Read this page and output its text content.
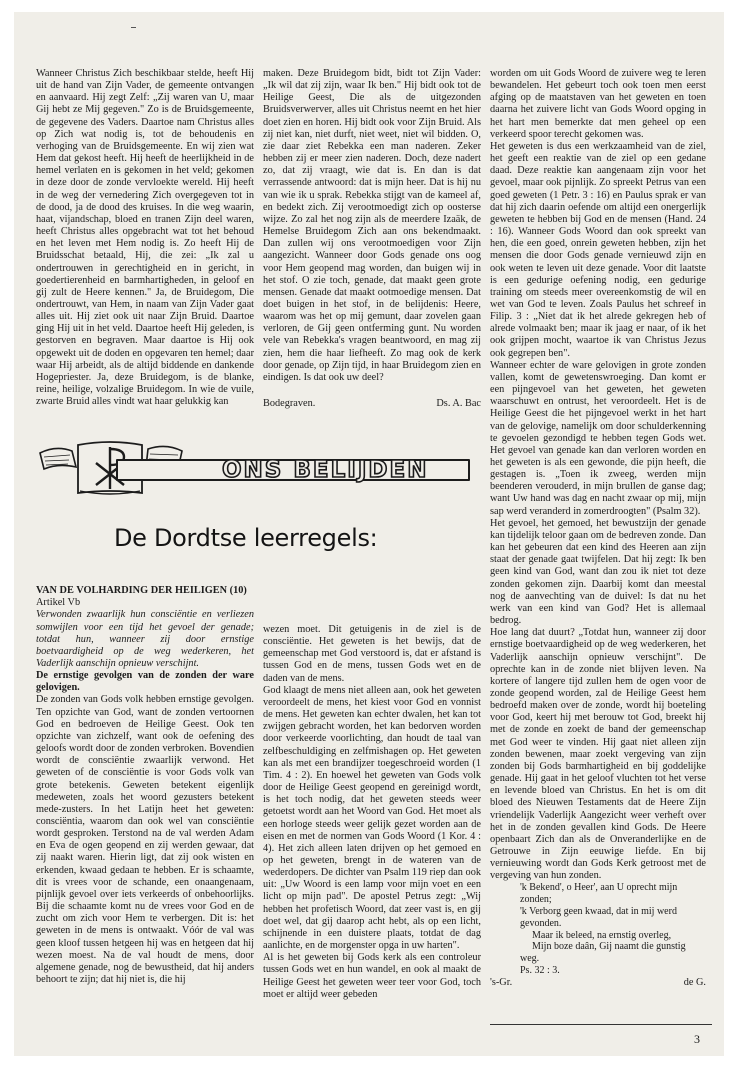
Wanneer Christus Zich beschikbaar stelde, heeft Hij uit de hand van Zijn Vader, de gemeente ontvangen en aanvaard. Hij zegt Zelf: „Zij waren van U, maar Gij hebt ze Mij gegeven." Zo is de Bruidsgemeente, de gegevene des Vaders. Daartoe nam Christus alles op Zich wat nodig is, tot de behoudenis en verhoging van de Bruidsgemeente. En wij zien wat Hem dat gekost heeft. Hij heeft de heerlijkheid in de hemel verlaten en is gekomen in het veld; gekomen in deze door de zonde vervloekte wereld. Hij heeft in de weg der vernedering Zich overgegeven tot in de dood, ja de dood des kruises. In die weg waarin, haat, vijandschap, bloed en tranen Zijn deel waren, heeft Christus alles opgebracht wat tot het behoud en het leven met Hem nodig is. Zo heeft Hij de Bruidsschat betaald, Hij, die zei: „Ik zal u ondertrouwen in gerechtigheid en in gericht, in goedertierenheid en barmhartigheden, in geloof en gij zult de Heere kennen." Ja, de Bruidegom, Die ondertrouwt, van Hem, in naam van Zijn Vader gaat alles uit. Hij ziet ook uit naar Zijn Bruid. Daartoe ging Hij uit in het veld. Daartoe heeft Hij geleden, is gestorven en begraven. Maar daartoe is Hij ook opgewekt uit de doden en opgevaren ten hemel; daar waar Hij arbeidt, als de altijd biddende en dankende Hogepriester. Ja, deze Bruidegom, is de blanke, reine, heilige, volzalige Bruidegom. In wie de vuile, zwarte Bruid alles vindt wat haar gelukkig kan

maken. Deze Bruidegom bidt, bidt tot Zijn Vader: „Ik wil dat zij zijn, waar Ik ben." Hij bidt ook tot de Heilige Geest, Die als de uitgezonden Bruidsverwerver, alles uit Christus neemt en het hier doet zien en horen. Hij bidt ook voor Zijn Bruid. Als zij niet kan, niet durft, niet weet, niet wil bidden. O, zie daar ziet Rebekka een man naderen. Zeker hebben zij er meer zien naderen. Doch, deze nadert zo, dat zij vraagt, wie dat is. En dan is dat verrassende antwoord: dat is mijn heer. Dat is hij nu van wie ik u sprak. Rebekka stijgt van de kameel af, en bedekt zich. Zij verootmoedigt zich op oosterse wijze. Zo zal het nog zijn als de meerdere Izaäk, de Hemelse Bruidegom Zich aan ons bekendmaakt. Dan zullen wij ons verootmoedigen voor Zijn aangezicht. Wanneer door Gods genade ons oog voor Hem geopend mag worden, dan buigen wij in het stof. O zie toch, genade, dat maakt geen grote mensen. Genade dat maakt ootmoedige mensen. Dat doet buigen in het stof, in de belijdenis: Heere, waarom was het op mij gemunt, daar zovelen gaan verloren, de Gij geen ontferming gunt. Nu worden vele van Rebekka's vragen beantwoord, en mag zij zien, hem die haar liefheeft. Zo mag ook de kerk door genade, op Zijn tijd, in haar Bruidegom zien en eindigen. Is dat ook uw deel?

Bodegraven.	Ds. A. Bac

worden om uit Gods Woord de zuivere weg te leren bewandelen. Het gebeurt toch ook toen men eerst afging op de maatstaven van het geweten en toen daarna het zuivere licht van Gods Woord opging in het hart men bemerkte dat men geheel op een verkeerd spoor terecht gekomen was.

Het geweten is dus een werkzaamheid van de ziel, het geeft een reaktie van de ziel op een gedane daad. Deze reaktie kan aangenaam zijn voor het gevoel, maar ook pijnlijk. Zo spreekt Petrus van een goed geweten (1 Petr. 3 : 16) en Paulus sprak er van dat hij zich daarin oefende om altijd een onergerlijk geweten te hebben bij God en de mensen (Hand. 24 : 16). Wanneer Gods Woord dan ook spreekt van hen, die een goed, onrein geweten hebben, zijn het mensen die door Gods genade vernieuwd zijn en ook weten te leven uit deze genade. Voor dit laatste is een gedurige oefening nodig, een gedurige training om steeds meer overeenkomstig de wil en wet van God te leven. Zoals Paulus het schreef in Filip. 3 : „Niet dat ik het alrede gekregen heb of alrede volmaakt ben; maar ik jaag er naar, of ik het ook grijpen mocht, waartoe ik van Christus Jezus ook gegrepen ben".

Wanneer echter de ware gelovigen in grote zonden vallen, komt de gewetenswroeging. Dan komt er een pijngevoel van het geweten, het geweten waarschuwt en ontrust, het veroordeelt. Het is de Heilige Geest die het pijngevoel werkt in het hart van de gelovige, namelijk om door schulderkenning te gevoelen gezondigd te hebben tegen Gods wet. Het gevoel van genade kan dan verloren worden en het geweten is als een gewonde, die pijn heeft, die gestagen is. „Toen ik zweeg, werden mijn beenderen verouderd, in mijn brullen de ganse dag; want Uw hand was dag en nacht zwaar op mij, mijn sap werd veranderd in zomerdroogten" (Psalm 32).

Het gevoel, het gemoed, het bewustzijn der genade kan tijdelijk teloor gaan om de bedreven zonde. Dan kan het gebeuren dat een kind des Heeren aan zijn staat der genade gaat twijfelen. Dat hij zegt: Ik ben geen kind van God, want dan zou ik niet tot deze zonden gekomen zijn. Daarbij komt dan meestal nog de aanvechting van de duivel: Is dat nu het werk van een kind van God? Het is allemaal bedrog.

Hoe lang dat duurt? „Totdat hun, wanneer zij door ernstige boetvaardigheid op de weg wederkeren, het Vaderlijk aanschijn opnieuw verschijnt". De oprechte kan in de zonde niet blijven leven. Na kortere of langere tijd zullen hem de ogen voor de zonde geopend worden, zal de Heilige Geest hem bedroefd maken over de zonde, wordt hij boeteling voor God, keert hij met berouw tot God, breekt hij met de zonde en zoekt de band der gemeenschap met God weer te vinden. Hij gaat niet alleen zijn zonden bewenen, maar zoekt vergeving van zijn zonden bij Gods barmhartigheid en bij goddelijke genade. Hij gaat in het geloof vluchten tot het verse en levende bloed van Christus. En het is om dit bloed des Nieuwen Testaments dat de Heere Zijn vriendelijk Vaderlijk Aangezicht weer verheft over het in de zonden gevallen kind Gods. De Heere openbaart Zich dan als de Onveranderlijke en de Getrouwe in Zijn eeuwige liefde. En bij vernieuwing wordt dan Gods Kerk getroost met de vergeving van hun zonden.

'k Bekend', o Heer', aan U oprecht mijn

zonden;

'k Verborg geen kwaad, dat in mij werd

gevonden.

Maar ik beleed, na ernstig overleg,

Mijn boze daân, Gij naamt die gunstig

weg.

Ps. 32 : 3.

's-Gr.	de G.
ONS BELIJDEN
De Dordtse leerregels:

VAN DE VOLHARDING DER HEILIGEN (10)

Artikel Vb

Verwonden zwaarlijk hun consciëntie en verliezen somwijlen voor een tijd het gevoel der genade; totdat hun, wanneer zij door ernstige boetvaardigheid op de weg wederkeren, het Vaderlijk aanschijn opnieuw verschijnt.

De ernstige gevolgen van de zonden der ware gelovigen.

De zonden van Gods volk hebben ernstige gevolgen. Ten opzichte van God, want de zonden vertoornen God en bedroeven de Heilige Geest. Ook ten opzichte van zichzelf, want ook de oefening des geloofs wordt door de zonden verbroken. Bovendien wordt de consciëntie zwaarlijk verwond. Het geweten of de consciëntie is voor Gods volk van grote betekenis. Geweten betekent eigenlijk medeweten, zoals het woord gezusters betekent mede-zusters. In het Latijn heet het geweten: consciëntia, waarom dan ook wel van consciëntie wordt gesproken. Terstond na de val werden Adam en Eva de ogen geopend en zij werden gewaar, dat zij naakt waren. Hierin ligt, dat zij ook wisten en erkenden, kwaad gedaan te hebben. Er is schaamte, dit is vrees voor de schande, een onaangenaam, pijnlijk gevoel over iets verkeerds of onbehoorlijks. Bij die schaamte komt nu de vrees voor God en de zucht om zich voor Hem te verbergen. Dit is: het geweten in de mens is ontwaakt. Vóór de val was geen kloof tussen hetgeen hij was en hetgeen dat hij wezen moest. Na de val houdt de mens, door algemene genade, nog de bewustheid, dat hij anders behoort te zijn; dat hij niet is, die hij

wezen moet. Dit getuigenis in de ziel is de consciëntie. Het geweten is het bewijs, dat de gemeenschap met God verstoord is, dat er afstand is tussen God en de mens, tussen Gods wet en de daden van de mens.

God klaagt de mens niet alleen aan, ook het geweten veroordeelt de mens, het kiest voor God en vonnist de mens. Het geweten kan echter dwalen, het kan tot zwijgen gebracht worden, het kan bedorven worden door verkeerde voorlichting, dan houdt de taal van zelfbeschuldiging en zelfmishagen op. Het geweten kan als met een brandijzer toegeschroeid worden (1 Tim. 4 : 2). En hoewel het geweten van Gods volk door de Heilige Geest geopend en gereinigd wordt, is het toch nodig, dat het geweten steeds weer getoetst wordt aan het Woord van God. Het moet als een horloge steeds weer gelijk gezet worden aan de eisen en met de normen van Gods Woord (1 Kor. 4 : 4). Het zich alleen laten drijven op het gemoed en op het geweten, brengt in de wateren van de wederdopers. De dichter van Psalm 119 riep dan ook uit: „Uw Woord is een lamp voor mijn voet en een licht op mijn pad". De apostel Petrus zegt: „Wij hebben het profetisch Woord, dat zeer vast is, en gij doet wel, dat gij daarop acht hebt, als op een licht, schijnende in een duistere plaats, totdat de dag aanlichte, en de morgenster opga in uw harten".

Al is het geweten bij Gods kerk als een controleur tussen Gods wet en hun wandel, en ook al maakt de Heilige Geest het geweten weer teer voor God, toch moet er altijd weer gebeden

3
